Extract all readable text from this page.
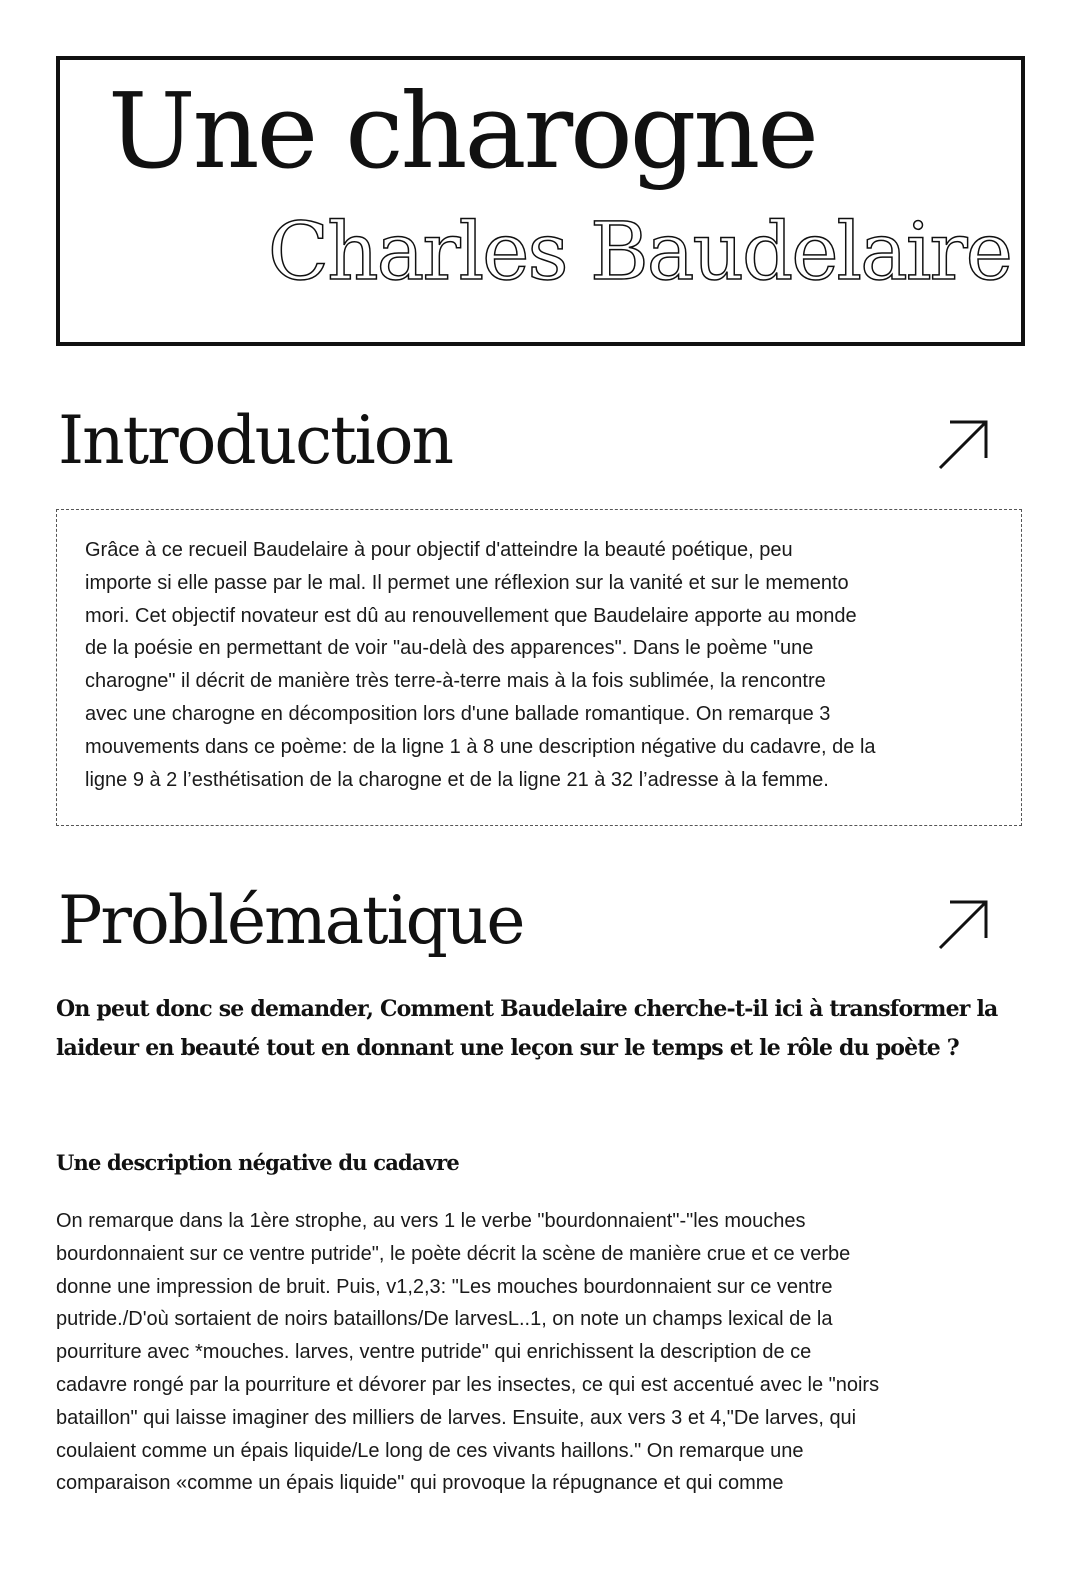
Une charogne
Charles Baudelaire
Introduction
Grâce à ce recueil Baudelaire à pour objectif d'atteindre la beauté poétique, peu
importe si elle passe par le mal. Il permet une réflexion sur la vanité et sur le memento
mori. Cet objectif novateur est dû au renouvellement que Baudelaire apporte au monde
de la poésie en permettant de voir "au-delà des apparences". Dans le poème "une
charogne" il décrit de manière très terre-à-terre mais à la fois sublimée, la rencontre
avec une charogne en décomposition lors d'une ballade romantique. On remarque 3
mouvements dans ce poème: de la ligne 1 à 8 une description négative du cadavre, de la
ligne 9 à 2 l’esthétisation de la charogne et de la ligne 21 à 32 l’adresse à la femme.
Problématique
On peut donc se demander, Comment Baudelaire cherche-t-il ici à transformer la
laideur en beauté tout en donnant une leçon sur le temps et le rôle du poète ?
Une description négative du cadavre
On remarque dans la 1ère strophe, au vers 1 le verbe "bourdonnaient"-"les mouches
bourdonnaient sur ce ventre putride", le poète décrit la scène de manière crue et ce verbe
donne une impression de bruit. Puis, v1,2,3: "Les mouches bourdonnaient sur ce ventre
putride./D'où sortaient de noirs bataillons/De larvesL..1, on note un champs lexical de la
pourriture avec *mouches. larves, ventre putride" qui enrichissent la description de ce
cadavre rongé par la pourriture et dévorer par les insectes, ce qui est accentué avec le "noirs
bataillon" qui laisse imaginer des milliers de larves. Ensuite, aux vers 3 et 4,"De larves, qui
coulaient comme un épais liquide/Le long de ces vivants haillons." On remarque une
comparaison «comme un épais liquide" qui provoque la répugnance et qui comme
